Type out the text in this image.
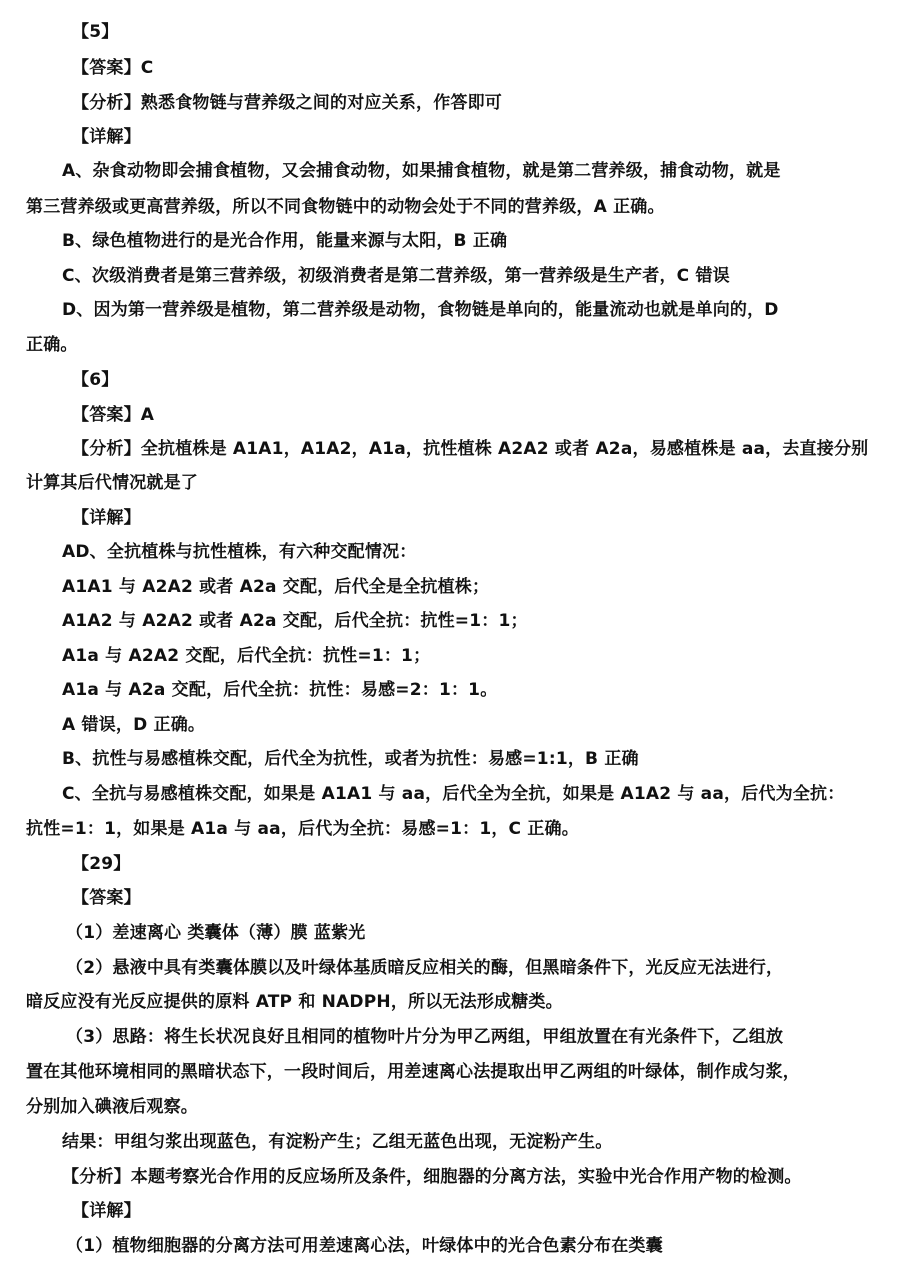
【5】
【答案】C
【分析】熟悉食物链与营养级之间的对应关系，作答即可
【详解】
A、杂食动物即会捕食植物，又会捕食动物，如果捕食植物，就是第二营养级，捕食动物，就是
第三营养级或更高营养级，所以不同食物链中的动物会处于不同的营养级，A 正确。
B、绿色植物进行的是光合作用，能量来源与太阳，B 正确
C、次级消费者是第三营养级，初级消费者是第二营养级，第一营养级是生产者，C 错误
D、因为第一营养级是植物，第二营养级是动物，食物链是单向的，能量流动也就是单向的，D
正确。
【6】
【答案】A
【分析】全抗植株是 A1A1，A1A2，A1a，抗性植株 A2A2 或者 A2a，易感植株是 aa，去直接分别
计算其后代情况就是了
【详解】
AD、全抗植株与抗性植株，有六种交配情况：
A1A1 与 A2A2 或者 A2a 交配，后代全是全抗植株；
A1A2 与 A2A2 或者 A2a 交配，后代全抗：抗性=1：1；
A1a 与 A2A2 交配，后代全抗：抗性=1：1；
A1a 与 A2a 交配，后代全抗：抗性：易感=2：1：1。
A 错误，D 正确。
B、抗性与易感植株交配，后代全为抗性，或者为抗性：易感=1:1，B 正确
C、全抗与易感植株交配，如果是 A1A1 与 aa，后代全为全抗，如果是 A1A2 与 aa，后代为全抗：
抗性=1：1，如果是 A1a 与 aa，后代为全抗：易感=1：1，C 正确。
【29】
【答案】
（1）差速离心 类囊体（薄）膜 蓝紫光
（2）悬液中具有类囊体膜以及叶绿体基质暗反应相关的酶，但黑暗条件下，光反应无法进行，
暗反应没有光反应提供的原料 ATP 和 NADPH，所以无法形成糖类。
（3）思路：将生长状况良好且相同的植物叶片分为甲乙两组，甲组放置在有光条件下，乙组放
置在其他环境相同的黑暗状态下，一段时间后，用差速离心法提取出甲乙两组的叶绿体，制作成匀浆，
分别加入碘液后观察。
结果：甲组匀浆出现蓝色，有淀粉产生；乙组无蓝色出现，无淀粉产生。
【分析】本题考察光合作用的反应场所及条件，细胞器的分离方法，实验中光合作用产物的检测。
【详解】
（1）植物细胞器的分离方法可用差速离心法，叶绿体中的光合色素分布在类囊
